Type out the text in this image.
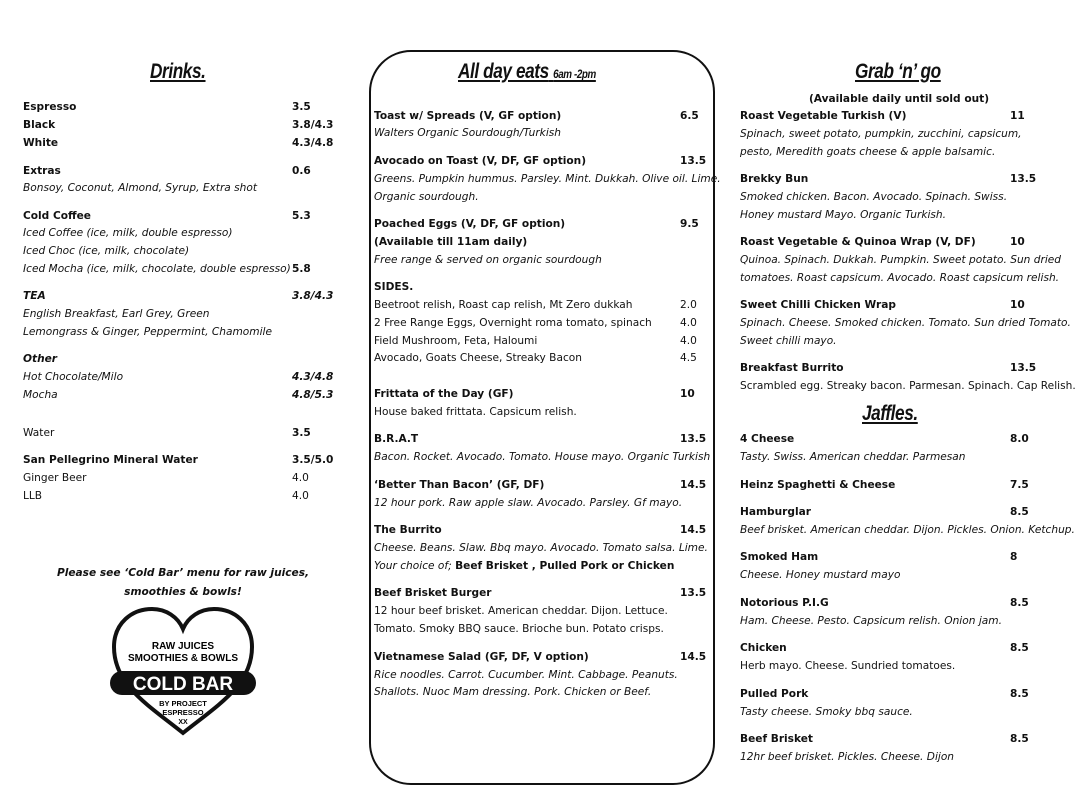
Drinks.
Espresso	3.5
Black	3.8/4.3
White	4.3/4.8
Extras	0.6
Bonsoy, Coconut, Almond, Syrup, Extra shot
Cold Coffee	5.3
Iced Coffee (ice, milk, double espresso)
Iced Choc (ice, milk, chocolate)
Iced Mocha (ice, milk, chocolate, double espresso) 5.8
TEA	3.8/4.3
English Breakfast, Earl Grey, Green
Lemongrass & Ginger, Peppermint, Chamomile
Other
Hot Chocolate/Milo	4.3/4.8
Mocha	4.8/5.3
Water	3.5
San Pellegrino Mineral Water	3.5/5.0
Ginger Beer	4.0
LLB	4.0
Please see ‘Cold Bar’ menu for raw juices,
smoothies & bowls!
RAW JUICES
SMOOTHIES & BOWLS
COLD BAR
BY PROJECT
ESPRESSO
XX
All day eats 6am -2pm
Toast w/ Spreads (V, GF option)	6.5
Walters Organic Sourdough/Turkish
Avocado on Toast (V, DF, GF option)	13.5
Greens. Pumpkin hummus. Parsley. Mint. Dukkah. Olive oil. Lime.
Organic sourdough.
Poached Eggs (V, DF, GF option)	9.5
(Available till 11am daily)
Free range & served on organic sourdough
SIDES.
Beetroot relish, Roast cap relish, Mt Zero dukkah	2.0
2 Free Range Eggs, Overnight roma tomato, spinach	4.0
Field Mushroom, Feta, Haloumi	4.0
Avocado, Goats Cheese, Streaky Bacon	4.5
Frittata of the Day (GF)	10
House baked frittata. Capsicum relish.
B.R.A.T	13.5
Bacon. Rocket. Avocado. Tomato. House mayo. Organic Turkish
‘Better Than Bacon’ (GF, DF)	14.5
12 hour pork. Raw apple slaw. Avocado. Parsley. Gf mayo.
The Burrito	14.5
Cheese. Beans. Slaw. Bbq mayo. Avocado. Tomato salsa. Lime.
Your choice of; Beef Brisket , Pulled Pork or Chicken
Beef Brisket Burger	13.5
12 hour beef brisket. American cheddar. Dijon. Lettuce.
Tomato. Smoky BBQ sauce. Brioche bun. Potato crisps.
Vietnamese Salad (GF, DF, V option)	14.5
Rice noodles. Carrot. Cucumber. Mint. Cabbage. Peanuts.
Shallots. Nuoc Mam dressing. Pork. Chicken or Beef.
Grab ‘n’ go
(Available daily until sold out)
Roast Vegetable Turkish (V)	11
Spinach, sweet potato, pumpkin, zucchini, capsicum,
pesto, Meredith goats cheese & apple balsamic.
Brekky Bun	13.5
Smoked chicken. Bacon. Avocado. Spinach. Swiss.
Honey mustard Mayo. Organic Turkish.
Roast Vegetable & Quinoa Wrap (V, DF)	10
Quinoa. Spinach. Dukkah. Pumpkin. Sweet potato. Sun dried
tomatoes. Roast capsicum. Avocado. Roast capsicum relish.
Sweet Chilli Chicken Wrap	10
Spinach. Cheese. Smoked chicken. Tomato. Sun dried Tomato.
Sweet chilli mayo.
Breakfast Burrito	13.5
Scrambled egg. Streaky bacon. Parmesan. Spinach. Cap Relish.
Jaffles.
4 Cheese	8.0
Tasty. Swiss. American cheddar. Parmesan
Heinz Spaghetti & Cheese	7.5
Hamburglar	8.5
Beef brisket. American cheddar. Dijon. Pickles. Onion. Ketchup.
Smoked Ham	8
Cheese. Honey mustard mayo
Notorious P.I.G	8.5
Ham. Cheese. Pesto. Capsicum relish. Onion jam.
Chicken	8.5
Herb mayo. Cheese. Sundried tomatoes.
Pulled Pork	8.5
Tasty cheese. Smoky bbq sauce.
Beef Brisket	8.5
12hr beef brisket. Pickles. Cheese. Dijon
